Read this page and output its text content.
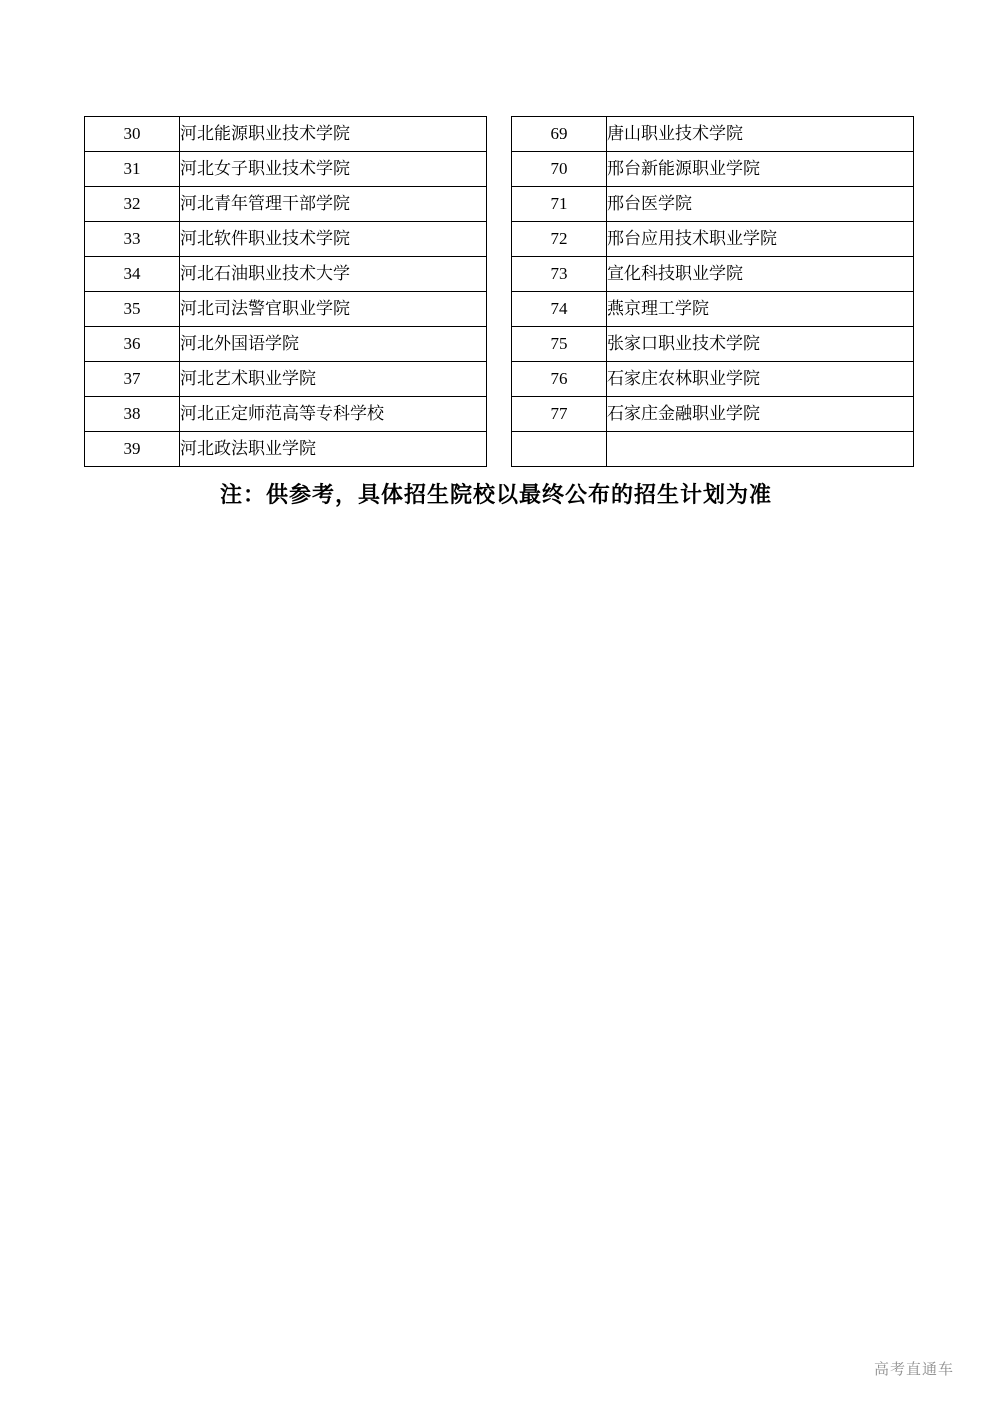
30	河北能源职业技术学院
31	河北女子职业技术学院
32	河北青年管理干部学院
33	河北软件职业技术学院
34	河北石油职业技术大学
35	河北司法警官职业学院
36	河北外国语学院
37	河北艺术职业学院
38	河北正定师范高等专科学校
39	河北政法职业学院
69	唐山职业技术学院
70	邢台新能源职业学院
71	邢台医学院
72	邢台应用技术职业学院
73	宣化科技职业学院
74	燕京理工学院
75	张家口职业技术学院
76	石家庄农林职业学院
77	石家庄金融职业学院

注：供参考，具体招生院校以最终公布的招生计划为准
高考直通车
